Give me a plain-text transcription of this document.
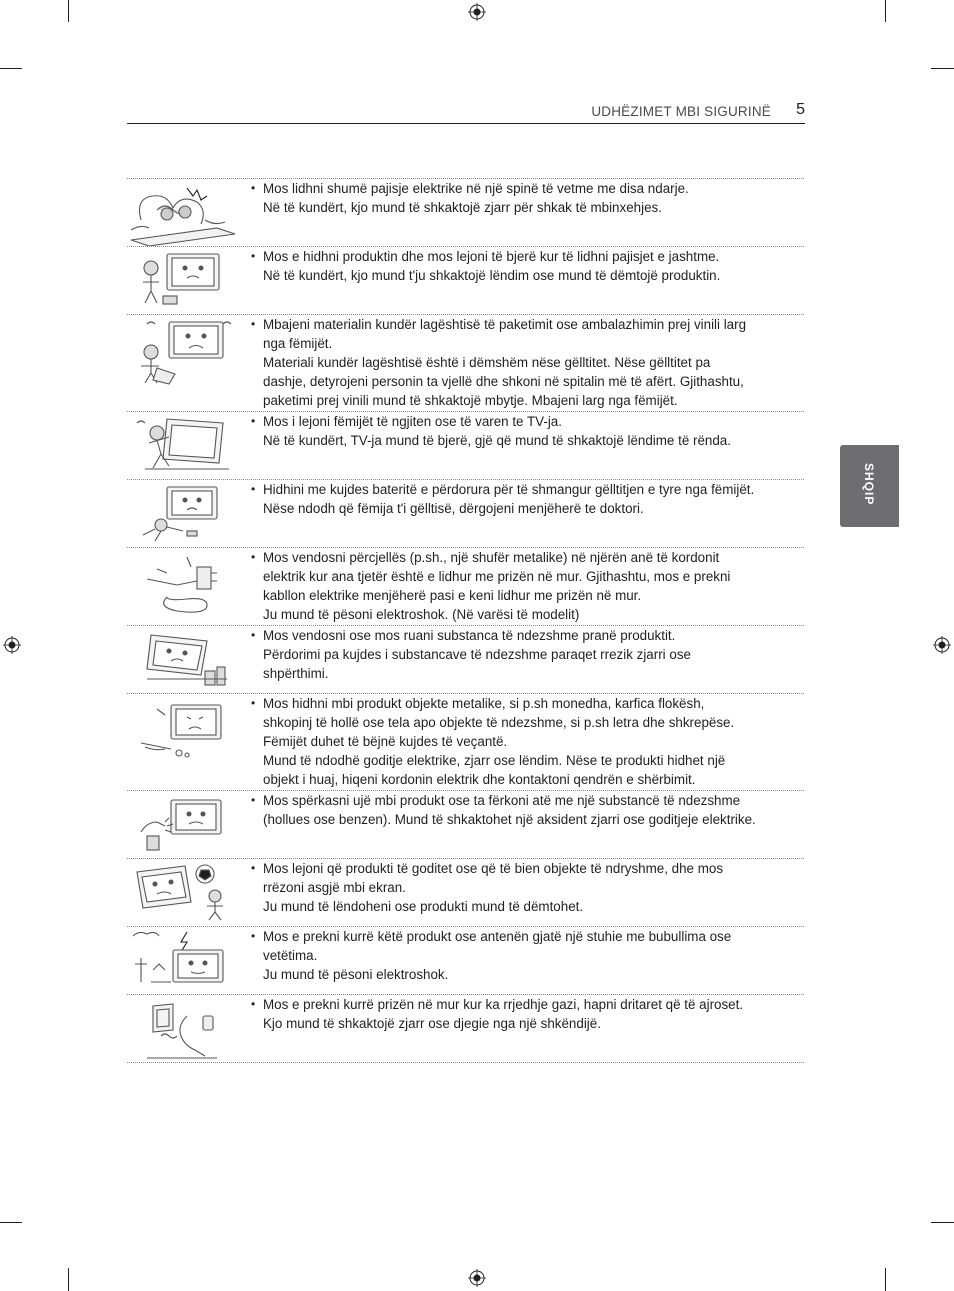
UDHËZIMET MBI SIGURINË 5
SHQIP
• Mos lidhni shumë pajisje elektrike në një spinë të vetme me disa ndarje.

Në të kundërt, kjo mund të shkaktojë zjarr për shkak të mbinxehjes.

• Mos e hidhni produktin dhe mos lejoni të bjerë kur të lidhni pajisjet e jashtme.

Në të kundërt, kjo mund t'ju shkaktojë lëndim ose mund të dëmtojë produktin.

• Mbajeni materialin kundër lagështisë të paketimit ose ambalazhimin prej vinili larg

nga fëmijët.

Materiali kundër lagështisë është i dëmshëm nëse gëlltitet. Nëse gëlltitet pa

dashje, detyrojeni personin ta vjellë dhe shkoni në spitalin më të afërt. Gjithashtu,

paketimi prej vinili mund të shkaktojë mbytje. Mbajeni larg nga fëmijët.

• Mos i lejoni fëmijët të ngjiten ose të varen te TV-ja.

Në të kundërt, TV-ja mund të bjerë, gjë që mund të shkaktojë lëndime të rënda.

• Hidhini me kujdes bateritë e përdorura për të shmangur gëlltitjen e tyre nga fëmijët.

Nëse ndodh që fëmija t'i gëlltisë, dërgojeni menjëherë te doktori.

• Mos vendosni përcjellës (p.sh., një shufër metalike) në njërën anë të kordonit

elektrik kur ana tjetër është e lidhur me prizën në mur. Gjithashtu, mos e prekni

kabllon elektrike menjëherë pasi e keni lidhur me prizën në mur.

Ju mund të pësoni elektroshok. (Në varësi të modelit)

• Mos vendosni ose mos ruani substanca të ndezshme pranë produktit.

Përdorimi pa kujdes i substancave të ndezshme paraqet rrezik zjarri ose

shpërthimi.

• Mos hidhni mbi produkt objekte metalike, si p.sh monedha, karfica flokësh,

shkopinj të hollë ose tela apo objekte të ndezshme, si p.sh letra dhe shkrepëse.

Fëmijët duhet të bëjnë kujdes të veçantë.

Mund të ndodhë goditje elektrike, zjarr ose lëndim. Nëse te produkti hidhet një

objekt i huaj, hiqeni kordonin elektrik dhe kontaktoni qendrën e shërbimit.

• Mos spërkasni ujë mbi produkt ose ta fërkoni atë me një substancë të ndezshme

(hollues ose benzen). Mund të shkaktohet një aksident zjarri ose goditjeje elektrike.

• Mos lejoni që produkti të goditet ose që të bien objekte të ndryshme, dhe mos

rrëzoni asgjë mbi ekran.

Ju mund të lëndoheni ose produkti mund të dëmtohet.

• Mos e prekni kurrë këtë produkt ose antenën gjatë një stuhie me bubullima ose

vetëtima.

Ju mund të pësoni elektroshok.

• Mos e prekni kurrë prizën në mur kur ka rrjedhje gazi, hapni dritaret që të ajroset.

Kjo mund të shkaktojë zjarr ose djegie nga një shkëndijë.
